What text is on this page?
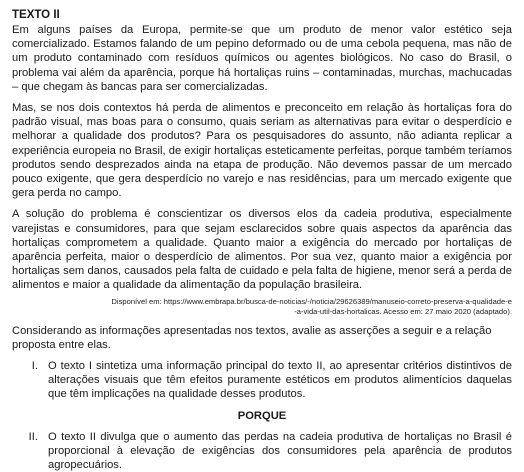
TEXTO II

Em alguns países da Europa, permite-se que um produto de menor valor estético seja comercializado. Estamos falando de um pepino deformado ou de uma cebola pequena, mas não de um produto contaminado com resíduos químicos ou agentes biológicos. No caso do Brasil, o problema vai além da aparência, porque há hortaliças ruins – contaminadas, murchas, machucadas – que chegam às bancas para ser comercializadas.

Mas, se nos dois contextos há perda de alimentos e preconceito em relação às hortaliças fora do padrão visual, mas boas para o consumo, quais seriam as alternativas para evitar o desperdício e melhorar a qualidade dos produtos? Para os pesquisadores do assunto, não adianta replicar a experiência europeia no Brasil, de exigir hortaliças esteticamente perfeitas, porque também teríamos produtos sendo desprezados ainda na etapa de produção. Não devemos passar de um mercado pouco exigente, que gera desperdício no varejo e nas residências, para um mercado exigente que gera perda no campo.

A solução do problema é conscientizar os diversos elos da cadeia produtiva, especialmente varejistas e consumidores, para que sejam esclarecidos sobre quais aspectos da aparência das hortaliças comprometem a qualidade. Quanto maior a exigência do mercado por hortaliças de aparência perfeita, maior o desperdício de alimentos. Por sua vez, quanto maior a exigência por hortaliças sem danos, causados pela falta de cuidado e pela falta de higiene, menor será a perda de alimentos e maior a qualidade da alimentação da população brasileira.

Disponível em: https://www.embrapa.br/busca-de-noticias/-/noticia/29626389/manuseio-correto-preserva-a-qualidade-e
-a-vida-util-das-hortalicas. Acesso em: 27 maio 2020 (adaptado).

Considerando as informações apresentadas nos textos, avalie as asserções a seguir e a relação proposta entre elas.

I. O texto I sintetiza uma informação principal do texto II, ao apresentar critérios distintivos de alterações visuais que têm efeitos puramente estéticos em produtos alimentícios daquelas que têm implicações na qualidade desses produtos.
PORQUE
II. O texto II divulga que o aumento das perdas na cadeia produtiva de hortaliças no Brasil é proporcional à elevação de exigências dos consumidores pela aparência de produtos agropecuários.
